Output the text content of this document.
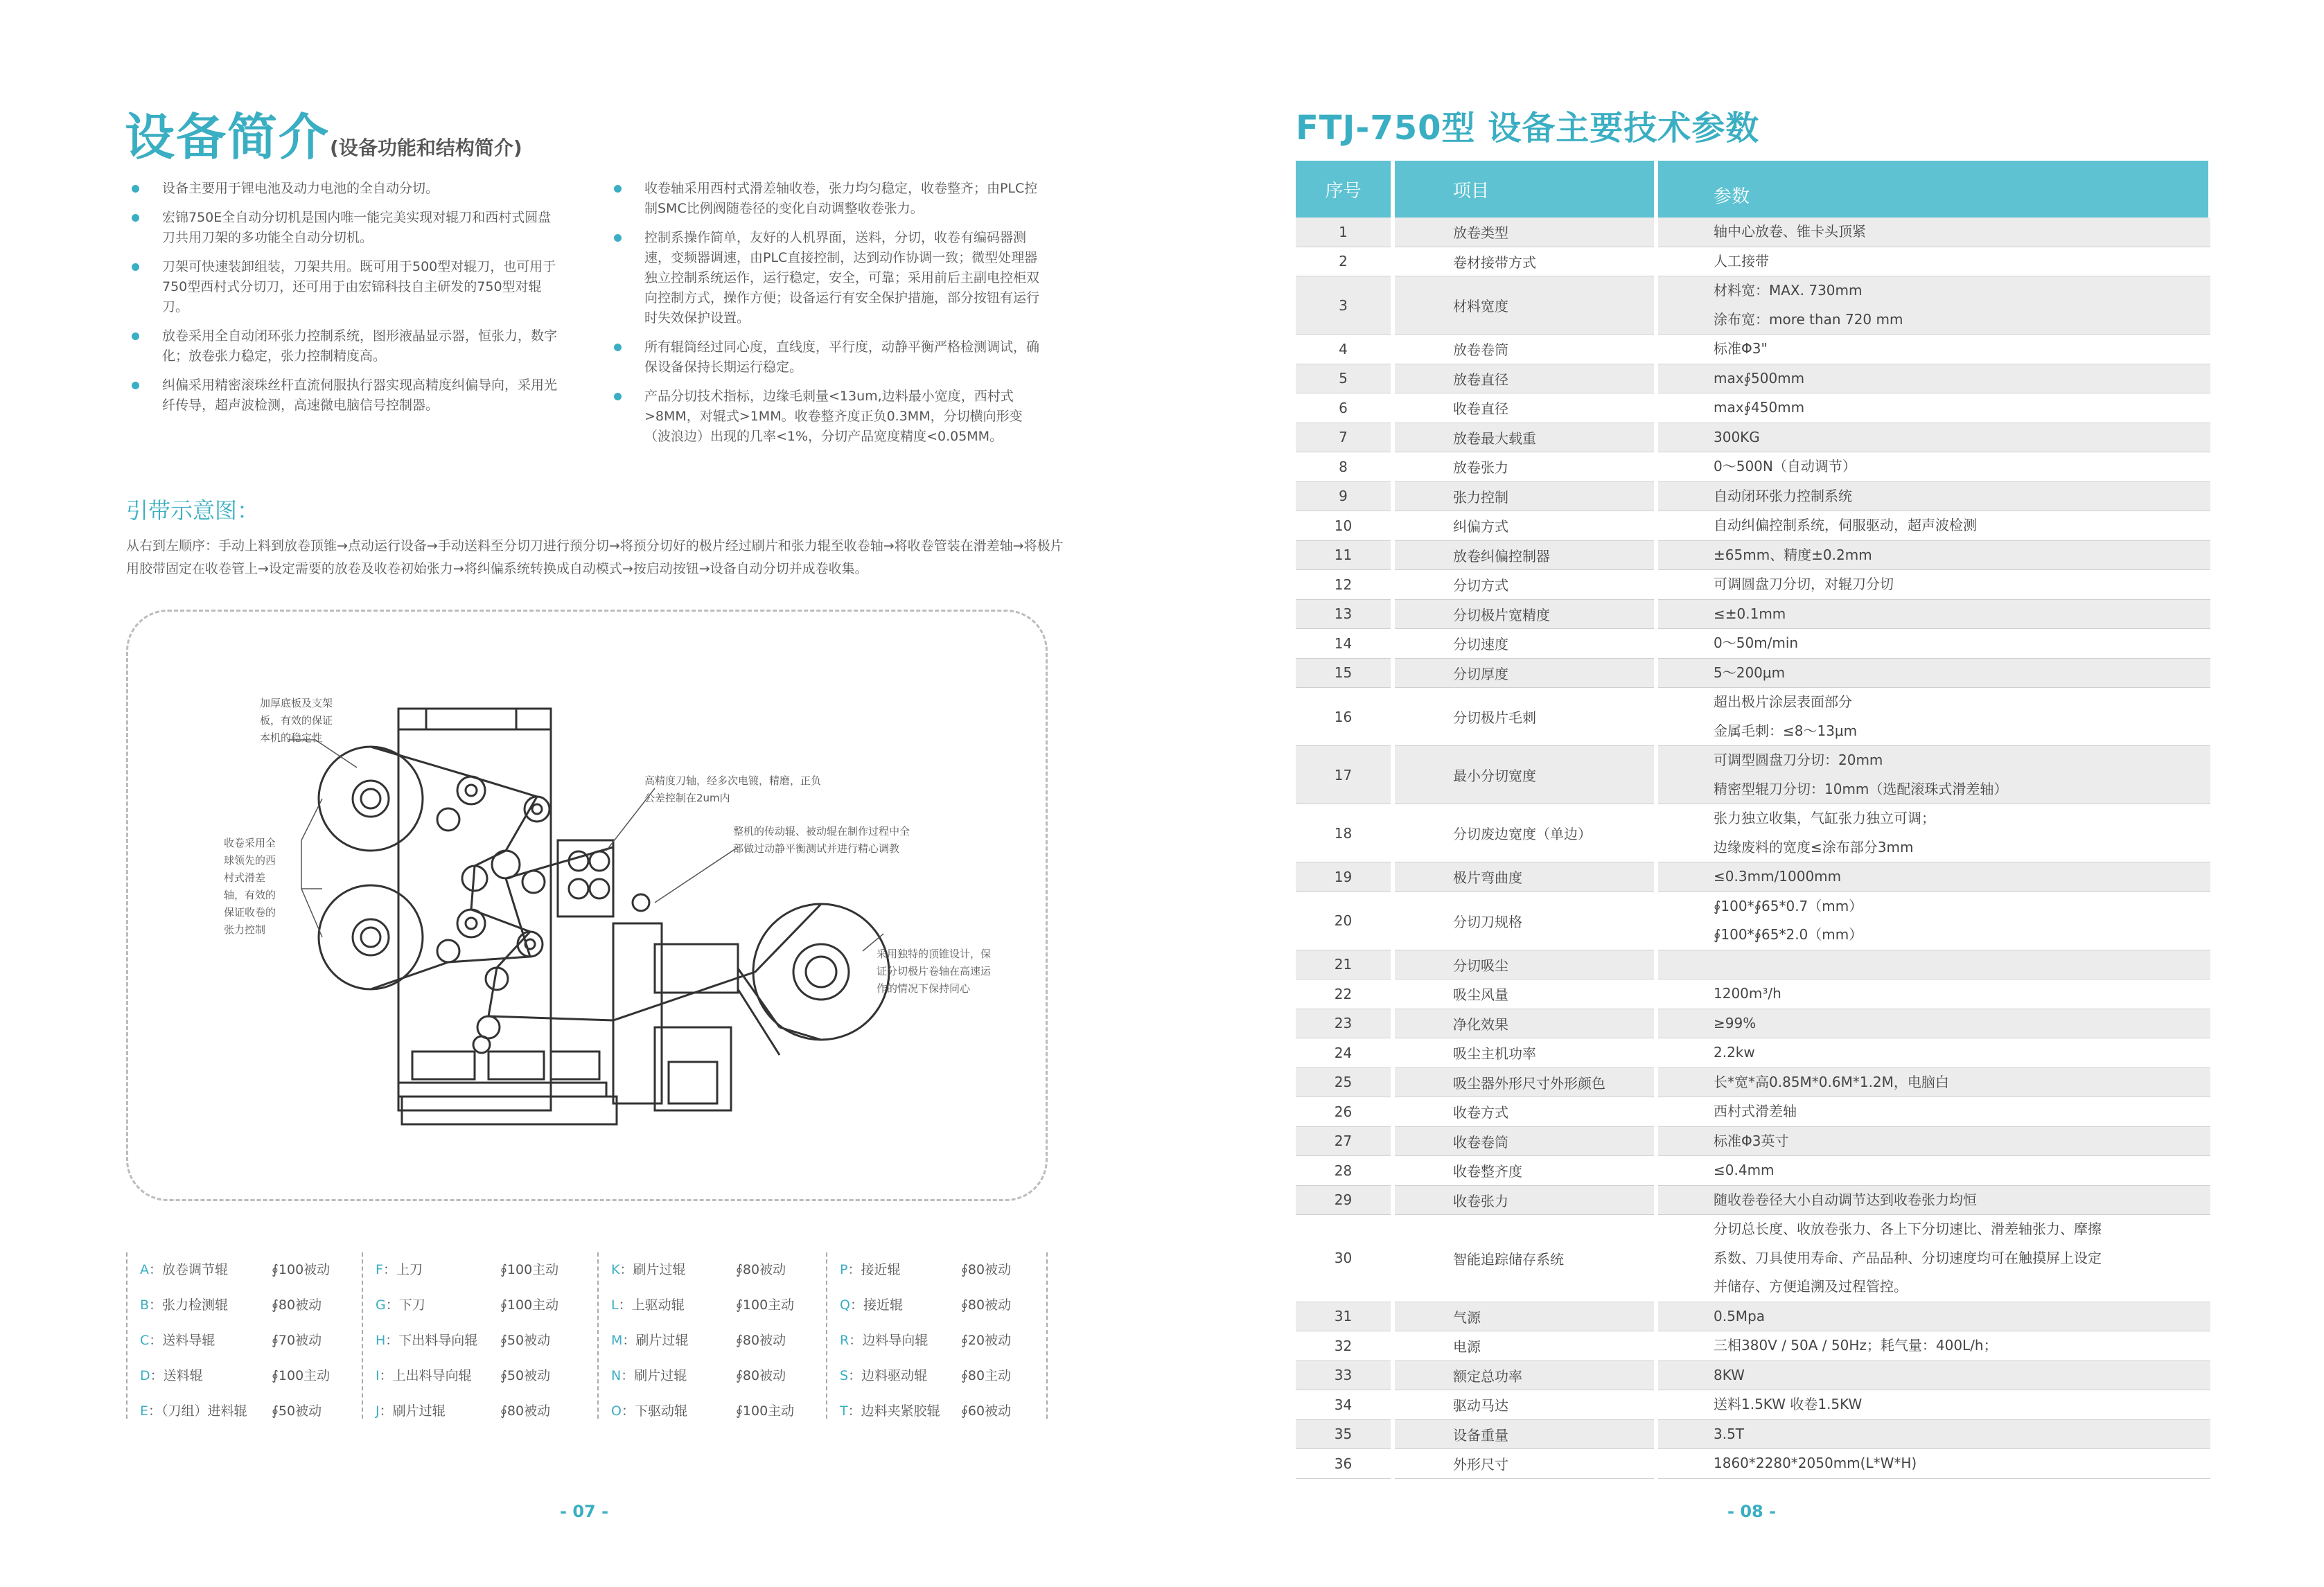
设备简介(设备功能和结构简介)
设备主要用于锂电池及动力电池的全自动分切。
宏锦750E全自动分切机是国内唯一能完美实现对辊刀和西村式圆盘刀共用刀架的多功能全自动分切机。
刀架可快速装卸组装，刀架共用。既可用于500型对辊刀，也可用于750型西村式分切刀，还可用于由宏锦科技自主研发的750型对辊刀。
放卷采用全自动闭环张力控制系统，图形液晶显示器，恒张力，数字化；放卷张力稳定，张力控制精度高。
纠偏采用精密滚珠丝杆直流伺服执行器实现高精度纠偏导向，采用光纤传导，超声波检测，高速微电脑信号控制器。
收卷轴采用西村式滑差轴收卷，张力均匀稳定，收卷整齐；由PLC控制SMC比例阀随卷径的变化自动调整收卷张力。
控制系操作简单，友好的人机界面，送料，分切，收卷有编码器测速，变频器调速，由PLC直接控制，达到动作协调一致；微型处理器独立控制系统运作，运行稳定，安全，可靠；采用前后主副电控柜双向控制方式，操作方便；设备运行有安全保护措施，部分按钮有运行时失效保护设置。
所有辊筒经过同心度，直线度，平行度，动静平衡严格检测调试，确保设备保持长期运行稳定。
产品分切技术指标，边缘毛刺量<13um,边料最小宽度，西村式>8MM，对辊式>1MM。收卷整齐度正负0.3MM，分切横向形变（波浪边）出现的几率<1%，分切产品宽度精度<0.05MM。
引带示意图：
从右到左顺序：手动上料到放卷顶锥→点动运行设备→手动送料至分切刀进行预分切→将预分切好的极片经过刷片和张力辊至收卷轴→将收卷管装在滑差轴→将极片用胶带固定在收卷管上→设定需要的放卷及收卷初始张力→将纠偏系统转换成自动模式→按启动按钮→设备自动分切并成卷收集。
加厚底板及支架
板，有效的保证
本机的稳定性
收卷采用全
球领先的西
村式滑差
轴，有效的
保证收卷的
张力控制
高精度刀轴，经多次电镀，精磨，正负
公差控制在2um内
整机的传动辊、被动辊在制作过程中全
部做过动静平衡测试并进行精心调教
采用独特的顶锥设计，保
证分切极片卷轴在高速运
作的情况下保持同心
A：放卷调节辊	∮100被动
B：张力检测辊	∮80被动
C：送料导辊	∮70被动
D：送料辊	∮100主动
E：（刀组）进料辊 ∮50被动
F：上刀	∮100主动
G：下刀	∮100主动
H：下出料导向辊 ∮50被动
I：上出料导向辊 ∮50被动
J：刷片过辊	∮80被动
K：刷片过辊	∮80被动
L：上驱动辊	∮100主动
M：刷片过辊	∮80被动
N：刷片过辊	∮80被动
O：下驱动辊	∮100主动
P：接近辊	∮80被动
Q：接近辊	∮80被动
R：边料导向辊	∮20被动
S：边料驱动辊	∮80主动
T：边料夹紧胶辊 ∮60被动
- 07 -
FTJ-750型 设备主要技术参数
序号	项目	参数
1	放卷类型	轴中心放卷、锥卡头顶紧

2	卷材接带方式	人工接带

3	材料宽度	材料宽：MAX. 730mm
涂布宽：more than 720 mm

4	放卷卷筒	标准Φ3"

5	放卷直径	max∮500mm

6	收卷直径	max∮450mm

7	放卷最大载重	300KG

8	放卷张力	0～500N（自动调节）

9	张力控制	自动闭环张力控制系统

10	纠偏方式	自动纠偏控制系统，伺服驱动，超声波检测

11	放卷纠偏控制器	±65mm、精度±0.2mm

12	分切方式	可调圆盘刀分切，对辊刀分切

13	分切极片宽精度	≤±0.1mm

14	分切速度	0～50m/min

15	分切厚度	5～200μm

16	分切极片毛刺	超出极片涂层表面部分
金属毛刺：≤8～13μm

17	最小分切宽度	可调型圆盘刀分切：20mm
精密型辊刀分切：10mm（选配滚珠式滑差轴）

18	分切废边宽度（单边）	张力独立收集，气缸张力独立可调；
边缘废料的宽度≤涂布部分3mm

19	极片弯曲度	≤0.3mm/1000mm

20	分切刀规格	∮100*∮65*0.7（mm）
∮100*∮65*2.0（mm）

21	分切吸尘	

22	吸尘风量	1200m³/h

23	净化效果	≥99%

24	吸尘主机功率	2.2kw

25	吸尘器外形尺寸外形颜色	长*宽*高0.85M*0.6M*1.2M，电脑白

26	收卷方式	西村式滑差轴

27	收卷卷筒	标准Φ3英寸

28	收卷整齐度	≤0.4mm

29	收卷张力	随收卷卷径大小自动调节达到收卷张力均恒

30	智能追踪储存系统	分切总长度、收放卷张力、各上下分切速比、滑差轴张力、摩擦
系数、刀具使用寿命、产品品种、分切速度均可在触摸屏上设定
并储存、方便追溯及过程管控。

31	气源	0.5Mpa

32	电源	三相380V / 50A / 50Hz；耗气量：400L/h；

33	额定总功率	8KW

34	驱动马达	送料1.5KW 收卷1.5KW

35	设备重量	3.5T

36	外形尺寸	1860*2280*2050mm(L*W*H)
- 08 -
